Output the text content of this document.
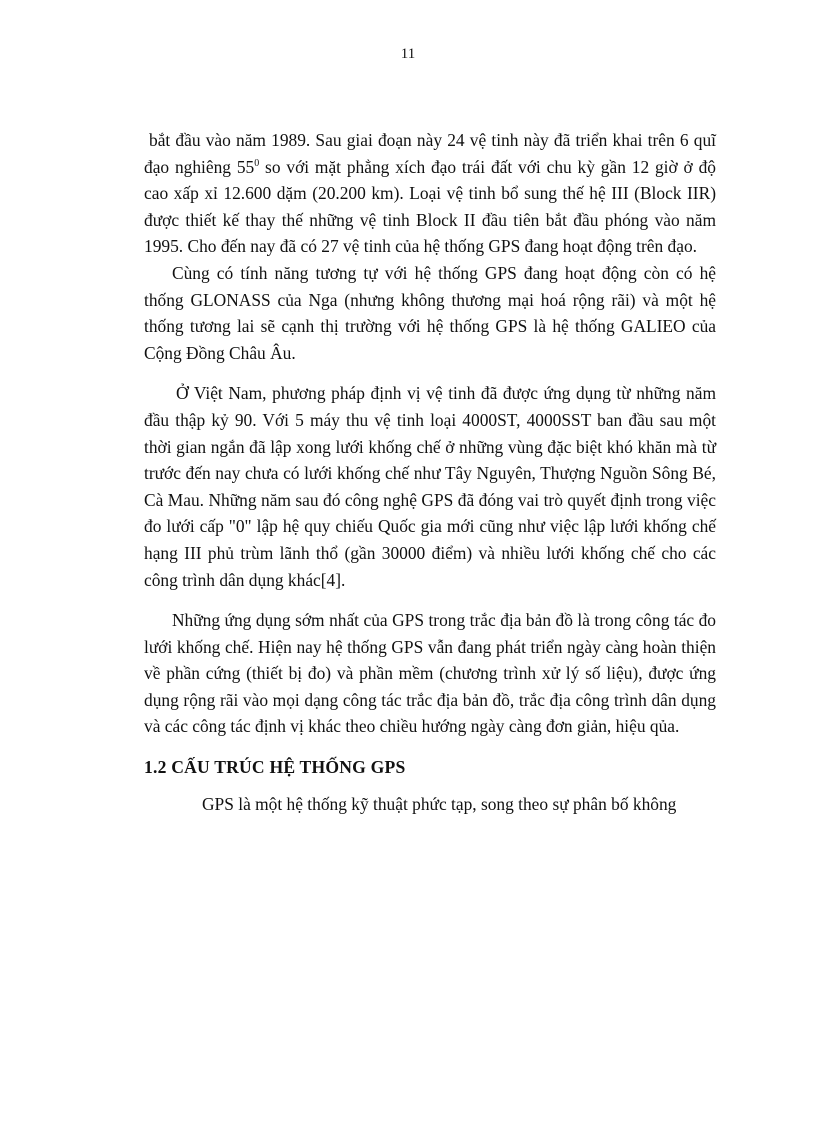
11

bắt đầu vào năm 1989. Sau giai đoạn này 24 vệ tinh này đã triển khai trên 6 quĩ đạo nghiêng $55^0$ so với mặt phẳng xích đạo trái đất với chu kỳ gần 12 giờ ở độ cao xấp xỉ 12.600 dặm (20.200 km). Loại vệ tinh bổ sung thế hệ III (Block IIR) được thiết kế thay thế những vệ tinh Block II đầu tiên bắt đầu phóng vào năm 1995. Cho đến nay đã có 27 vệ tinh của hệ thống GPS đang hoạt động trên đạo.

Cùng có tính năng tương tự với hệ thống GPS đang hoạt động còn có hệ thống GLONASS của Nga (nhưng không thương mại hoá rộng rãi) và một hệ thống tương lai sẽ cạnh thị trường với hệ thống GPS là hệ thống GALIEO của Cộng Đồng Châu Âu.

Ở Việt Nam, phương pháp định vị vệ tinh đã được ứng dụng từ những năm đầu thập kỷ 90. Với 5 máy thu vệ tinh loại 4000ST, 4000SST ban đầu sau một thời gian ngắn đã lập xong lưới khống chế ở những vùng đặc biệt khó khăn mà từ trước đến nay chưa có lưới khống chế như Tây Nguyên, Thượng Nguồn Sông Bé, Cà Mau. Những năm sau đó công nghệ GPS đã đóng vai trò quyết định trong việc đo lưới cấp "0" lập hệ quy chiếu Quốc gia mới cũng như việc lập lưới khống chế hạng III phủ trùm lãnh thổ (gần 30000 điểm) và nhiều lưới khống chế cho các công trình dân dụng khác[4].

Những ứng dụng sớm nhất của GPS trong trắc địa bản đồ là trong công tác đo lưới khống chế. Hiện nay hệ thống GPS vẫn đang phát triển ngày càng hoàn thiện về phần cứng (thiết bị đo) và phần mềm (chương trình xử lý số liệu), được ứng dụng rộng rãi vào mọi dạng công tác trắc địa bản đồ, trắc địa công trình dân dụng và các công tác định vị khác theo chiều hướng ngày càng đơn giản, hiệu qủa.

1.2 CẤU TRÚC HỆ THỐNG GPS

GPS là một hệ thống kỹ thuật phức tạp, song theo sự phân bố không
